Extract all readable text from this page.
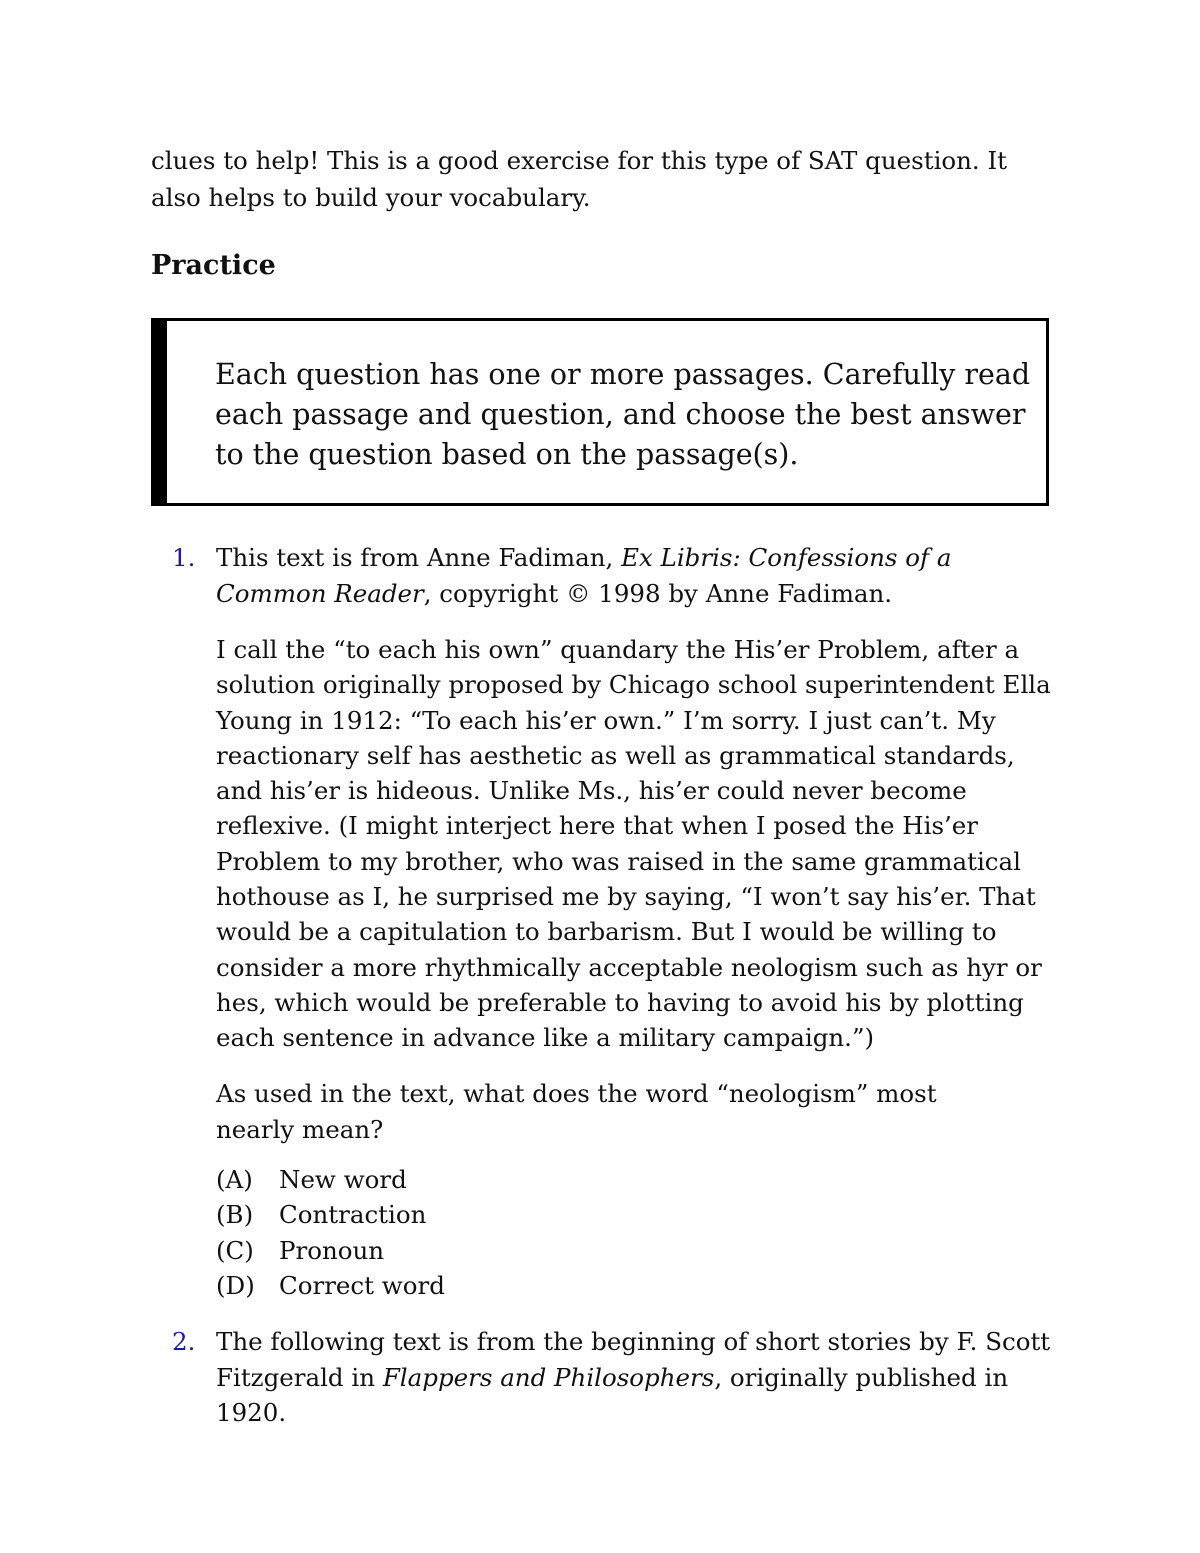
clues to help! This is a good exercise for this type of SAT question. It also helps to build your vocabulary.

Practice

Each question has one or more passages. Carefully read each passage and question, and choose the best answer to the question based on the passage(s).

1. This text is from Anne Fadiman, Ex Libris: Confessions of a Common Reader, copyright © 1998 by Anne Fadiman.

I call the “to each his own” quandary the His’er Problem, after a solution originally proposed by Chicago school superintendent Ella Young in 1912: “To each his’er own.” I’m sorry. I just can’t. My reactionary self has aesthetic as well as grammatical standards, and his’er is hideous. Unlike Ms., his’er could never become reflexive. (I might interject here that when I posed the His’er Problem to my brother, who was raised in the same grammatical hothouse as I, he surprised me by saying, “I won’t say his’er. That would be a capitulation to barbarism. But I would be willing to consider a more rhythmically acceptable neologism such as hyr or hes, which would be preferable to having to avoid his by plotting each sentence in advance like a military campaign.”)

As used in the text, what does the word “neologism” most nearly mean?

(A) New word
(B) Contraction
(C) Pronoun
(D) Correct word
2. The following text is from the beginning of short stories by F. Scott Fitzgerald in Flappers and Philosophers, originally published in 1920.
